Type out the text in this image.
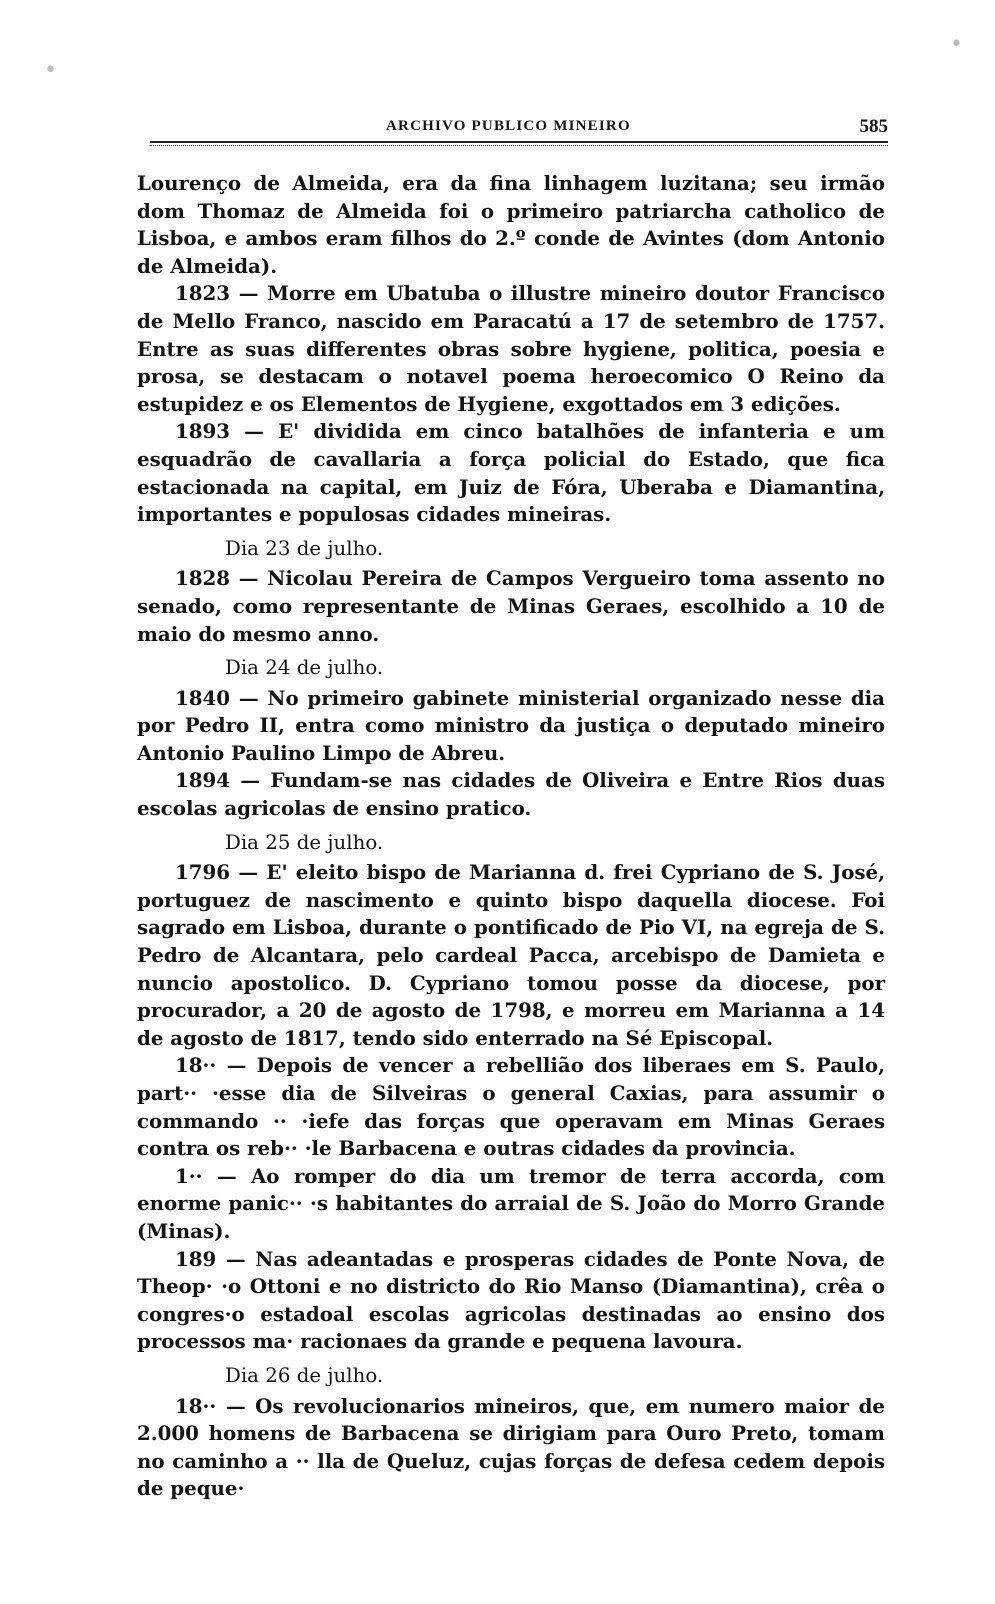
ARCHIVO PUBLICO MINEIRO	585

Lourenço de Almeida, era da fina linhagem luzitana; seu irmão dom Thomaz de Almeida foi o primeiro patriarcha catholico de Lisboa, e ambos eram filhos do 2.º conde de Avintes (dom Antonio de Almeida).

1823 — Morre em Ubatuba o illustre mineiro doutor Francisco de Mello Franco, nascido em Paracatú a 17 de setembro de 1757. Entre as suas differentes obras sobre hygiene, politica, poesia e prosa, se destacam o notavel poema heroecomico O Reino da estupidez e os Elementos de Hygiene, exgottados em 3 edições.

1893 — E' dividida em cinco batalhões de infanteria e um esquadrão de cavallaria a força policial do Estado, que fica estacionada na capital, em Juiz de Fóra, Uberaba e Diamantina, importantes e populosas cidades mineiras.

Dia 23 de julho.

1828 — Nicolau Pereira de Campos Vergueiro toma assento no senado, como representante de Minas Geraes, escolhido a 10 de maio do mesmo anno.

Dia 24 de julho.

1840 — No primeiro gabinete ministerial organizado nesse dia por Pedro II, entra como ministro da justiça o deputado mineiro Antonio Paulino Limpo de Abreu.

1894 — Fundam-se nas cidades de Oliveira e Entre Rios duas escolas agricolas de ensino pratico.

Dia 25 de julho.

1796 — E' eleito bispo de Marianna d. frei Cypriano de S. José, portuguez de nascimento e quinto bispo daquella diocese. Foi sagrado em Lisboa, durante o pontificado de Pio VI, na egreja de S. Pedro de Alcantara, pelo cardeal Pacca, arcebispo de Damieta e nuncio apostolico. D. Cypriano tomou posse da diocese, por procurador, a 20 de agosto de 1798, e morreu em Marianna a 14 de agosto de 1817, tendo sido enterrado na Sé Episcopal.

18·· — Depois de vencer a rebellião dos liberaes em S. Paulo, part·· ·esse dia de Silveiras o general Caxias, para assumir o commando ·· ·iefe das forças que operavam em Minas Geraes contra os reb·· ·le Barbacena e outras cidades da provincia.

1·· — Ao romper do dia um tremor de terra accorda, com enorme panic·· ·s habitantes do arraial de S. João do Morro Grande (Minas).

189 — Nas adeantadas e prosperas cidades de Ponte Nova, de Theop· ·o Ottoni e no districto do Rio Manso (Diamantina), crêa o congres·o estadoal escolas agricolas destinadas ao ensino dos processos ma· racionaes da grande e pequena lavoura.

Dia 26 de julho.

18·· — Os revolucionarios mineiros, que, em numero maior de 2.000 homens de Barbacena se dirigiam para Ouro Preto, tomam no caminho a ·· lla de Queluz, cujas forças de defesa cedem depois de peque·

•
•
